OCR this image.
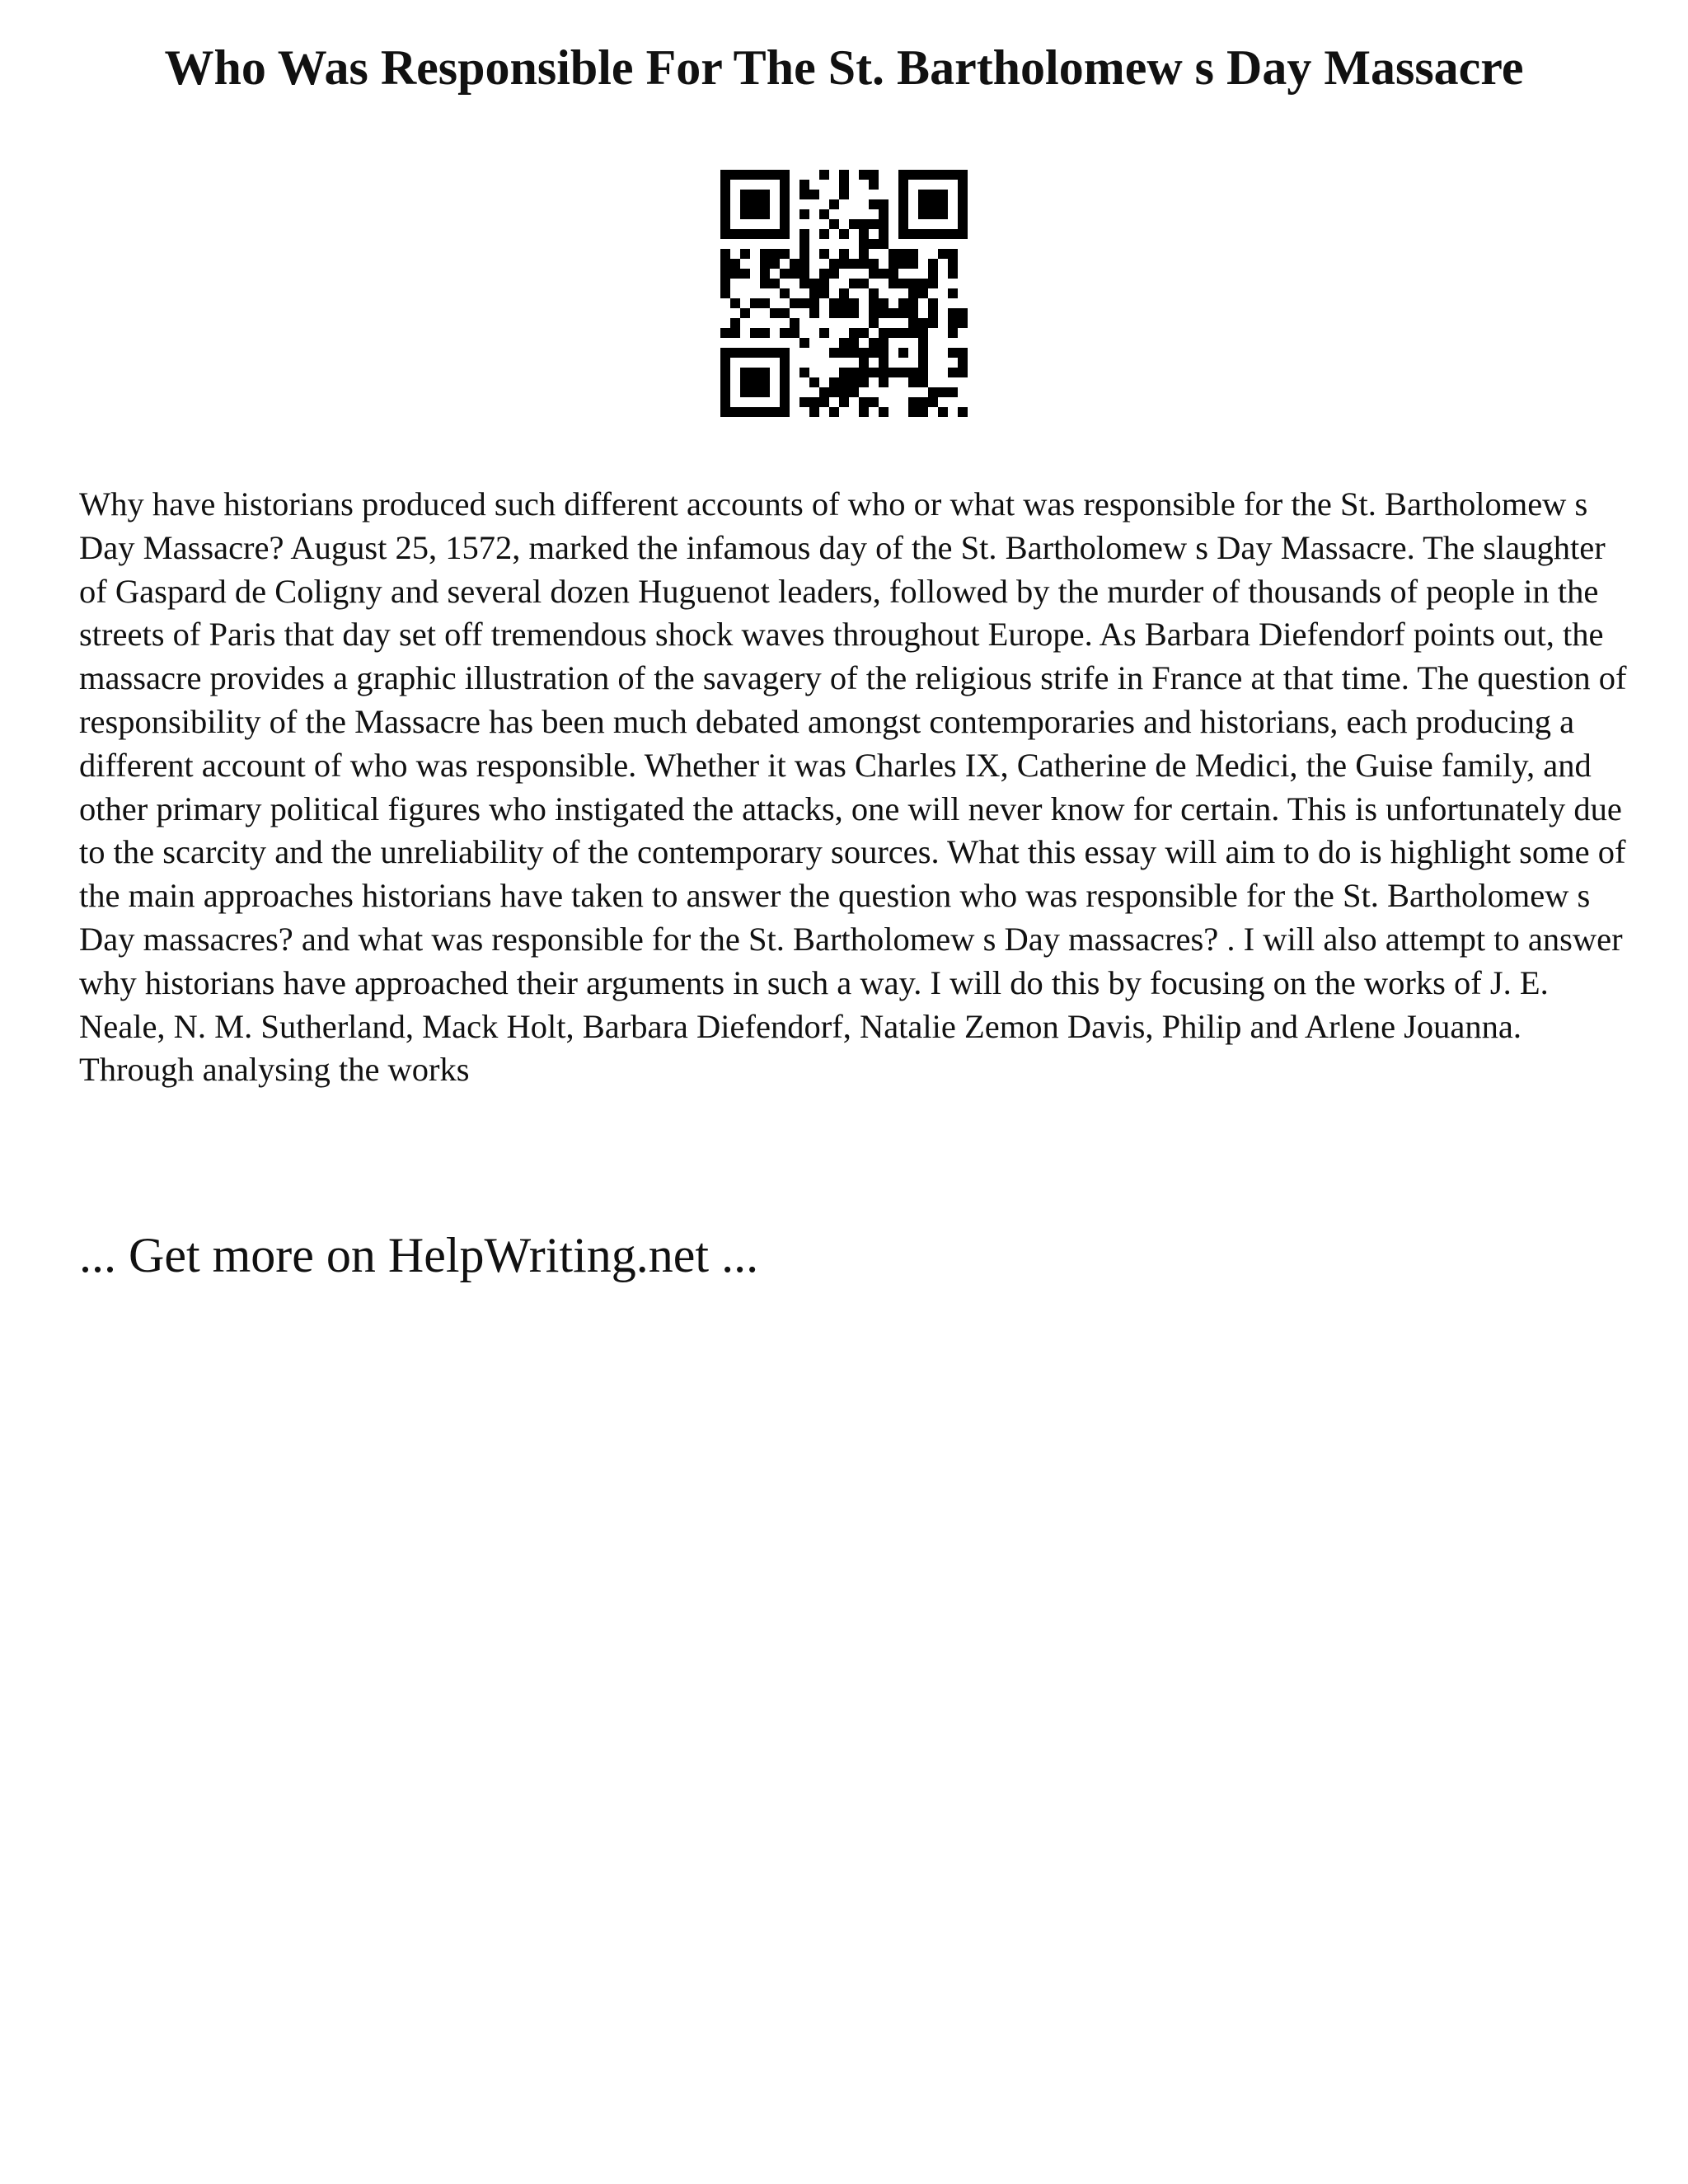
Who Was Responsible For The St. Bartholomew s Day Massacre

Why have historians produced such different accounts of who or what was responsible for the St. Bartholomew s Day Massacre? August 25, 1572, marked the infamous day of the St. Bartholomew s Day Massacre. The slaughter of Gaspard de Coligny and several dozen Huguenot leaders, followed by the murder of thousands of people in the streets of Paris that day set off tremendous shock waves throughout Europe. As Barbara Diefendorf points out, the massacre provides a graphic illustration of the savagery of the religious strife in France at that time. The question of responsibility of the Massacre has been much debated amongst contemporaries and historians, each producing a different account of who was responsible. Whether it was Charles IX, Catherine de Medici, the Guise family, and other primary political figures who instigated the attacks, one will never know for certain. This is unfortunately due to the scarcity and the unreliability of the contemporary sources. What this essay will aim to do is highlight some of the main approaches historians have taken to answer the question who was responsible for the St. Bartholomew s Day massacres? and what was responsible for the St. Bartholomew s Day massacres? . I will also attempt to answer why historians have approached their arguments in such a way. I will do this by focusing on the works of J. E. Neale, N. M. Sutherland, Mack Holt, Barbara Diefendorf, Natalie Zemon Davis, Philip and Arlene Jouanna. Through analysing the works

... Get more on HelpWriting.net ...
